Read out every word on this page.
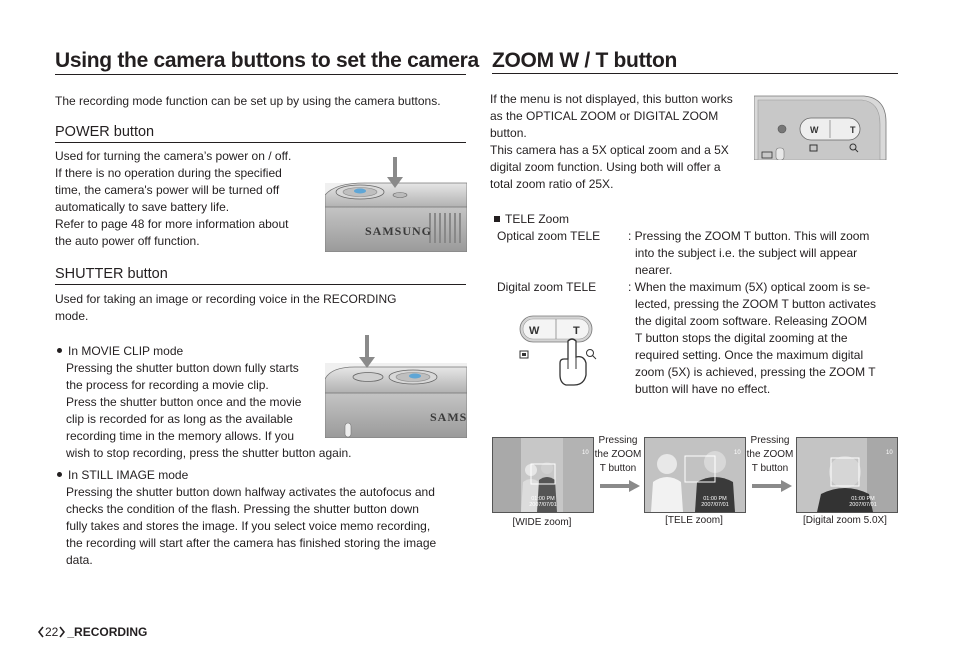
Using the camera buttons to set the camera
The recording mode function can be set up by using the camera buttons.
POWER button
Used for turning the camera’s power on / off.
If there is no operation during the specified
time, the camera's power will be turned off
automatically to save battery life.
Refer to page 48 for more information about
the auto power off function.
SAMSUNG
SHUTTER button
Used for taking an image or recording voice in the RECORDING
mode.
In MOVIE CLIP mode
Pressing the shutter button down fully starts
the process for recording a movie clip.
Press the shutter button once and the movie
clip is recorded for as long as the available
recording time in the memory allows. If you
wish to stop recording, press the shutter button again.
SAMS
In STILL IMAGE mode
Pressing the shutter button down halfway activates the autofocus and
checks the condition of the flash. Pressing the shutter button down
fully takes and stores the image. If you select voice memo recording,
the recording will start after the camera has finished storing the image
data.
ZOOM W / T button
If the menu is not displayed, this button works
as the OPTICAL ZOOM or DIGITAL ZOOM
button.
This camera has a 5X optical zoom and a 5X
digital zoom function. Using both will offer a
total zoom ratio of 25X.
W	T
TELE Zoom
Optical zoom TELE : Pressing the ZOOM T button. This will zoom
into the subject i.e. the subject will appear
nearer.
Digital zoom TELE	: When the maximum (5X) optical zoom is se-
lected, pressing the ZOOM T button activates
the digital zoom software. Releasing ZOOM
T button stops the digital zooming at the
required setting. Once the maximum digital
zoom (5X) is achieved, pressing the ZOOM T
button will have no effect.
W	T
10
01:00 PM
2007/07/01
[WIDE zoom]
Pressing
the ZOOM
T button
10
01:00 PM
2007/07/01
[TELE zoom]
Pressing
the ZOOM
T button
10
01:00 PM
2007/07/01
[Digital zoom 5.0X]
22 _RECORDING
